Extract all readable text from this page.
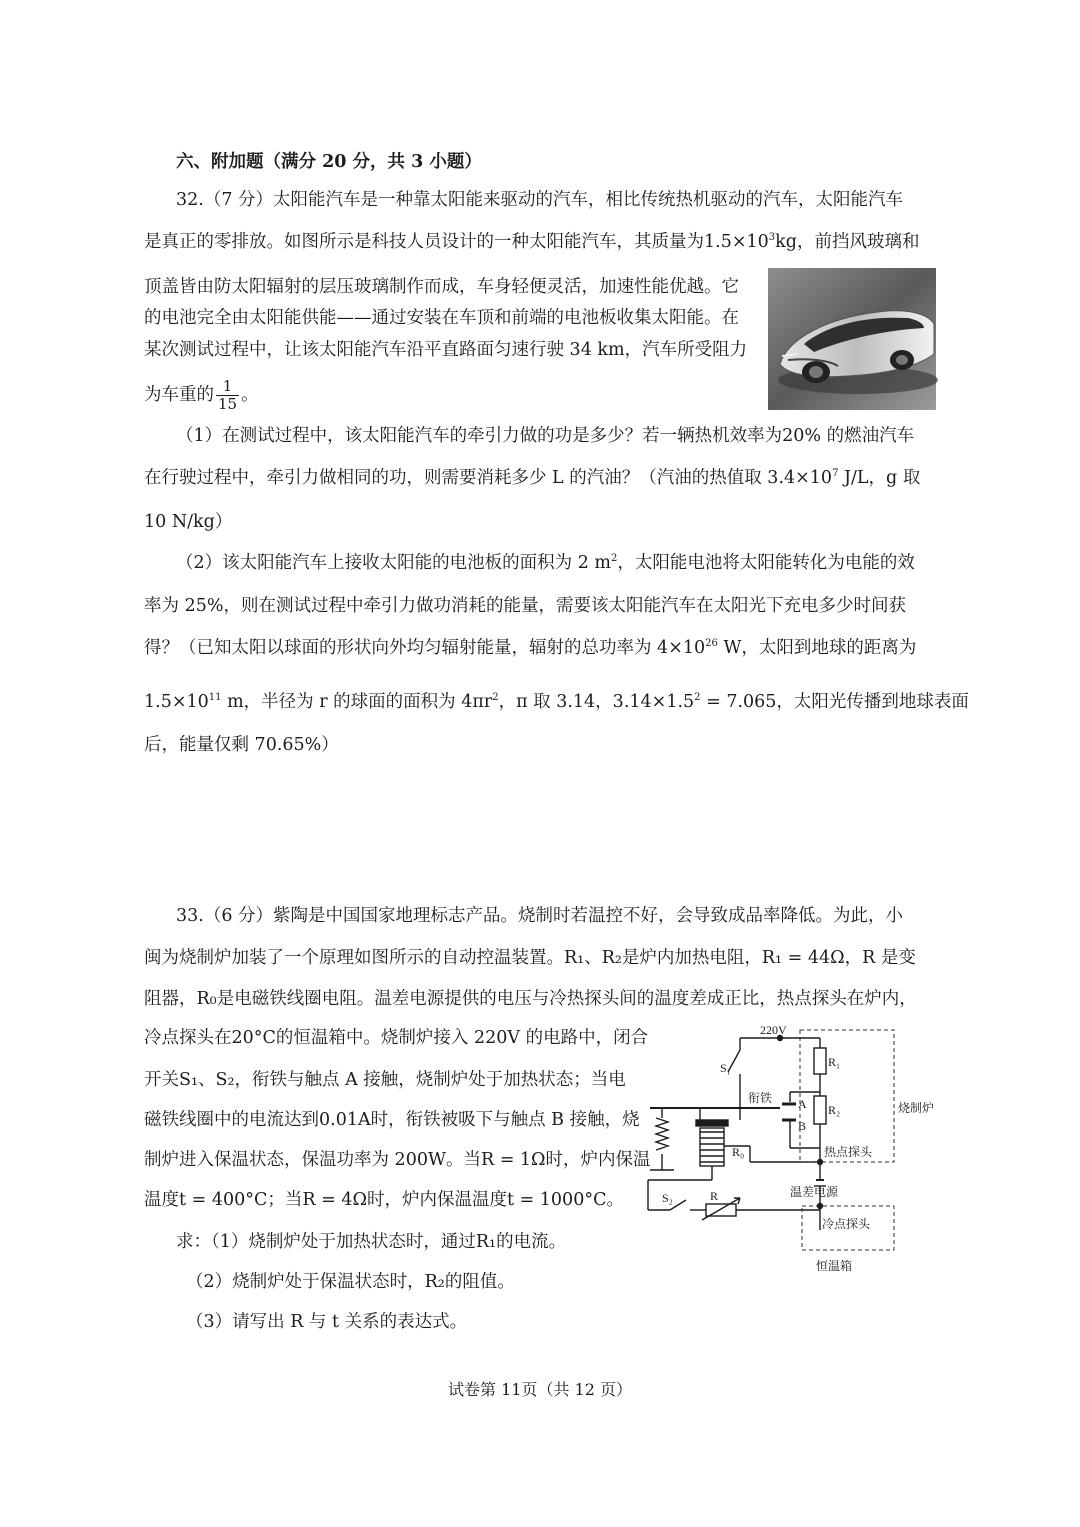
六、附加题（满分 20 分，共 3 小题）
32.（7 分）太阳能汽车是一种靠太阳能来驱动的汽车，相比传统热机驱动的汽车，太阳能汽车
是真正的零排放。如图所示是科技人员设计的一种太阳能汽车，其质量为$1.5\times 10^3kg$，前挡风玻璃和
顶盖皆由防太阳辐射的层压玻璃制作而成，车身轻便灵活，加速性能优越。它
的电池完全由太阳能供能——通过安装在车顶和前端的电池板收集太阳能。在
某次测试过程中，让该太阳能汽车沿平直路面匀速行驶 34 km，汽车所受阻力
为车重的 $\frac{1}{15}$ 。
（1）在测试过程中，该太阳能汽车的牵引力做的功是多少？若一辆热机效率为20% 的燃油汽车
在行驶过程中，牵引力做相同的功，则需要消耗多少 L 的汽油？（汽油的热值取 $3.4\times 10^7$ J/L，g 取
10 N/kg）
（2）该太阳能汽车上接收太阳能的电池板的面积为 2 $m^2$，太阳能电池将太阳能转化为电能的效
率为 25%，则在测试过程中牵引力做功消耗的能量，需要该太阳能汽车在太阳光下充电多少时间获
得？（已知太阳以球面的形状向外均匀辐射能量，辐射的总功率为 $4\times 10^{26}$ W，太阳到地球的距离为
$1.5\times 10^{11}$ m，半径为 r 的球面的面积为 $4\pi r^2$，π 取 3.14，$3.14\times 1.5^2 = 7.065$，太阳光传播到地球表面
后，能量仅剩 70.65%）
33.（6 分）紫陶是中国国家地理标志产品。烧制时若温控不好，会导致成品率降低。为此，小
闽为烧制炉加装了一个原理如图所示的自动控温装置。R₁、R₂是炉内加热电阻，R₁ = 44Ω，R 是变
阻器，R₀是电磁铁线圈电阻。温差电源提供的电压与冷热探头间的温度差成正比，热点探头在炉内，
冷点探头在20°C的恒温箱中。烧制炉接入 220V 的电路中，闭合
开关S₁、S₂，衔铁与触点 A 接触，烧制炉处于加热状态；当电
磁铁线圈中的电流达到0.01A时，衔铁被吸下与触点 B 接触，烧
制炉进入保温状态，保温功率为 200W。当R = 1Ω时，炉内保温
温度t = 400°C；当R = 4Ω时，炉内保温温度t = 1000°C。
求：（1）烧制炉处于加热状态时，通过R₁的电流。
（2）烧制炉处于保温状态时，R₂的阻值。
（3）请写出 R 与 t 关系的表达式。
220V
S₁	R₁
R₂
衔铁 A
B
烧制炉
热点探头
R₀
温差电源
S₂	R
冷点探头
恒温箱
试卷第 11页（共 12 页）
